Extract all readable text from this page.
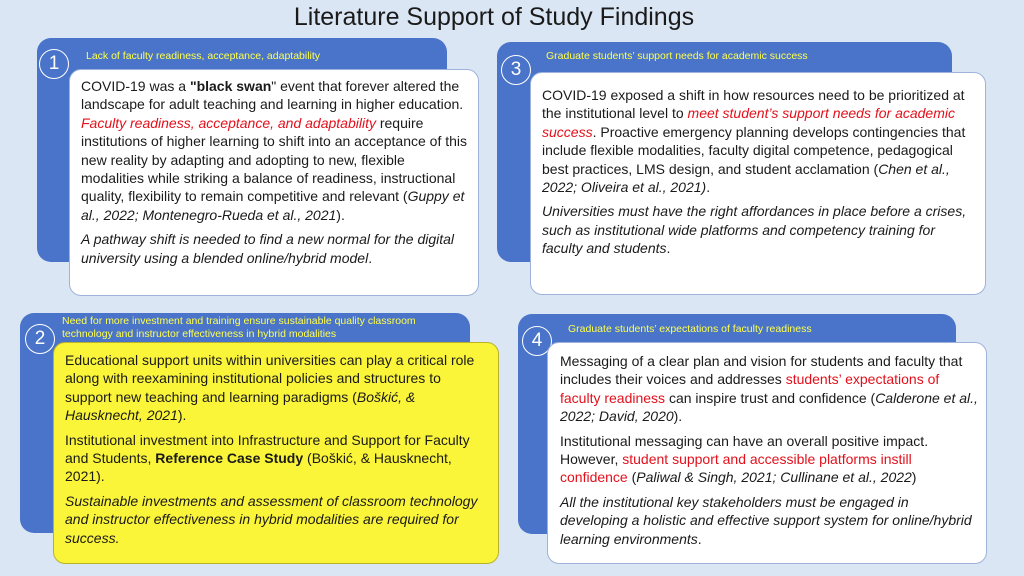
Literature Support of Study Findings
1	Lack of faculty readiness, acceptance, adaptability

COVID-19 was a "black swan" event that forever altered the landscape for adult teaching and learning in higher education. Faculty readiness, acceptance, and adaptability require institutions of higher learning to shift into an acceptance of this new reality by adapting and adopting to new, flexible modalities while striking a balance of readiness, instructional quality, flexibility to remain competitive and relevant (Guppy et al., 2022; Montenegro-Rueda et al., 2021).

A pathway shift is needed to find a new normal for the digital university using a blended online/hybrid model.

3
Graduate students’ support needs for academic success

COVID-19 exposed a shift in how resources need to be prioritized at the institutional level to meet student’s support needs for academic success. Proactive emergency planning develops contingencies that include flexible modalities, faculty digital competence, pedagogical best practices, LMS design, and student acclamation (Chen et al., 2022; Oliveira et al., 2021).

Universities must have the right affordances in place before a crises, such as institutional wide platforms and competency training for faculty and students.

2
Need for more investment and training ensure sustainable quality classroom technology and instructor effectiveness in hybrid modalities

Educational support units within universities can play a critical role along with reexamining institutional policies and structures to support new teaching and learning paradigms (Boškić, & Hausknecht, 2021).

Institutional investment into Infrastructure and Support for Faculty and Students, Reference Case Study (Boškić, & Hausknecht, 2021).

Sustainable investments and assessment of classroom technology and instructor effectiveness in hybrid modalities are required for success.

4
Graduate students’ expectations of faculty readiness

Messaging of a clear plan and vision for students and faculty that includes their voices and addresses students’ expectations of faculty readiness can inspire trust and confidence (Calderone et al., 2022; David, 2020).

Institutional messaging can have an overall positive impact. However, student support and accessible platforms instill confidence (Paliwal & Singh, 2021; Cullinane et al., 2022)

All the institutional key stakeholders must be engaged in developing a holistic and effective support system for online/hybrid learning environments.
